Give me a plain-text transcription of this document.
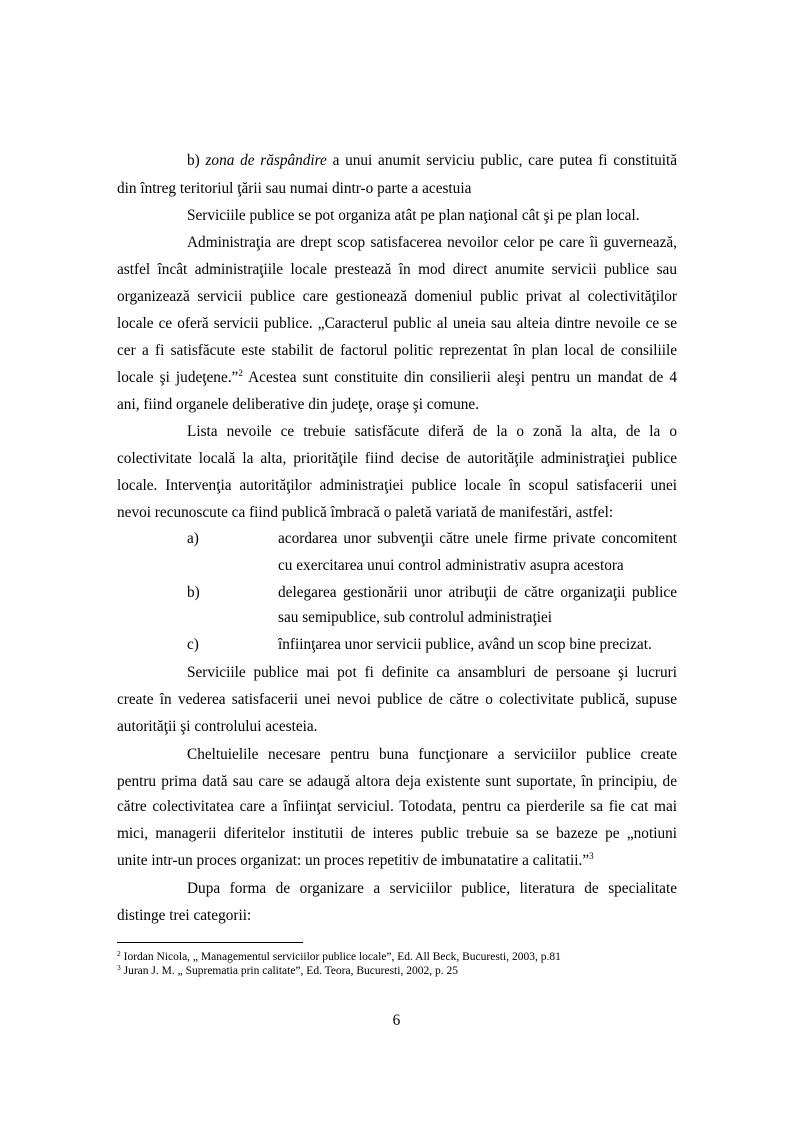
b) zona de răspândire a unui anumit serviciu public, care putea fi constituită
din întreg teritoriul ţării sau numai dintr-o parte a acestuia
Serviciile publice se pot organiza atât pe plan naţional cât şi pe plan local.
Administraţia are drept scop satisfacerea nevoilor celor pe care îi guvernează,
astfel încât administraţiile locale prestează în mod direct anumite servicii publice sau
organizează servicii publice care gestionează domeniul public privat al colectivităţilor
locale ce oferă servicii publice. „Caracterul public al uneia sau alteia dintre nevoile ce se
cer a fi satisfăcute este stabilit de factorul politic reprezentat în plan local de consiliile
locale şi judeţene.”$^2$ Acestea sunt constituite din consilierii aleşi pentru un mandat de 4
ani, fiind organele deliberative din judeţe, oraşe şi comune.
Lista nevoile ce trebuie satisfăcute diferă de la o zonă la alta, de la o
colectivitate locală la alta, priorităţile fiind decise de autorităţile administraţiei publice
locale. Intervenţia autorităţilor administraţiei publice locale în scopul satisfacerii unei
nevoi recunoscute ca fiind publică îmbracă o paletă variată de manifestări, astfel:
a)	acordarea unor subvenţii către unele firme private concomitent
cu exercitarea unui control administrativ asupra acestora
b)	delegarea gestionării unor atribuţii de către organizaţii publice
sau semipublice, sub controlul administraţiei
c)	înfiinţarea unor servicii publice, având un scop bine precizat.
Serviciile publice mai pot fi definite ca ansambluri de persoane şi lucruri
create în vederea satisfacerii unei nevoi publice de către o colectivitate publică, supuse
autorităţii şi controlului acesteia.
Cheltuielile necesare pentru buna funcţionare a serviciilor publice create
pentru prima dată sau care se adaugă altora deja existente sunt suportate, în principiu, de
către colectivitatea care a înfiinţat serviciul. Totodata, pentru ca pierderile sa fie cat mai
mici, managerii diferitelor institutii de interes public trebuie sa se bazeze pe „notiuni
unite intr-un proces organizat: un proces repetitiv de imbunatatire a calitatii.”$^3$
Dupa forma de organizare a serviciilor publice, literatura de specialitate
distinge trei categorii:
$^2$ Iordan Nicola, „ Managementul serviciilor publice locale”, Ed. All Beck, Bucuresti, 2003, p.81
$^3$ Juran J. M. „ Suprematia prin calitate”, Ed. Teora, Bucuresti, 2002, p. 25
6
